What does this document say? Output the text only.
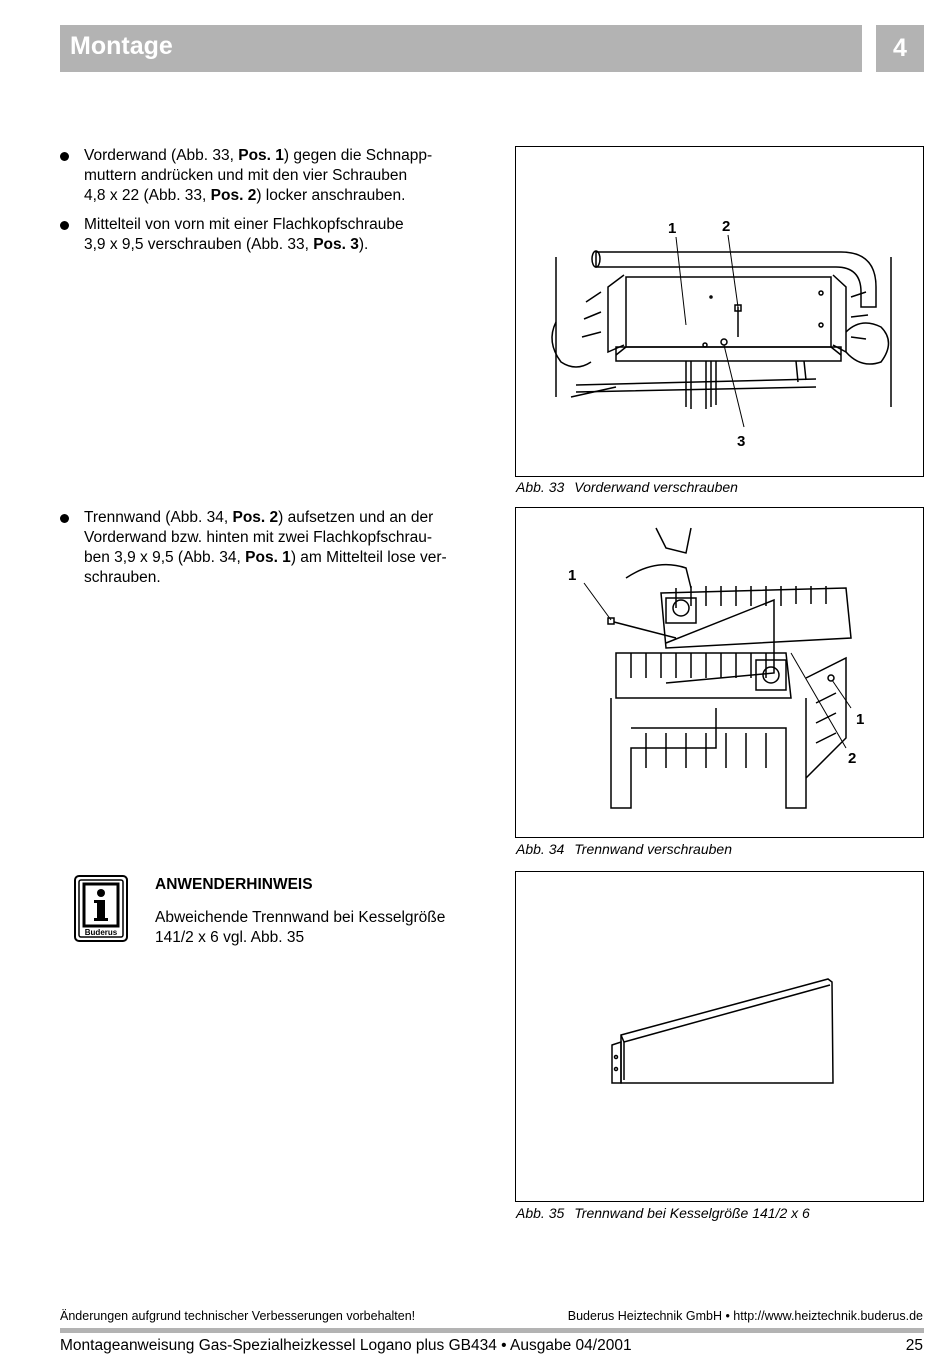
Montage	4
Vorderwand (Abb. 33, Pos. 1) gegen die Schnapp-
muttern andrücken und mit den vier Schrauben
4,8 x 22 (Abb. 33, Pos. 2) locker anschrauben.
Mittelteil von vorn mit einer Flachkopfschraube
3,9 x 9,5 verschrauben (Abb. 33, Pos. 3).
Trennwand (Abb. 34, Pos. 2) aufsetzen und an der
Vorderwand bzw. hinten mit zwei Flachkopfschrau-
ben 3,9 x 9,5 (Abb. 34, Pos. 1) am Mittelteil lose ver-
schrauben.
1	2
3
Abb. 33 Vorderwand verschrauben
1
1
2
Abb. 34 Trennwand verschrauben
Abb. 35 Trennwand bei Kesselgröße 141/2 x 6
Buderus
ANWENDERHINWEIS
Abweichende Trennwand bei Kesselgröße 141/2 x 6 vgl. Abb. 35
Änderungen aufgrund technischer Verbesserungen vorbehalten!	Buderus Heiztechnik GmbH • http://www.heiztechnik.buderus.de
Montageanweisung Gas-Spezialheizkessel Logano plus GB434 • Ausgabe 04/2001	25
